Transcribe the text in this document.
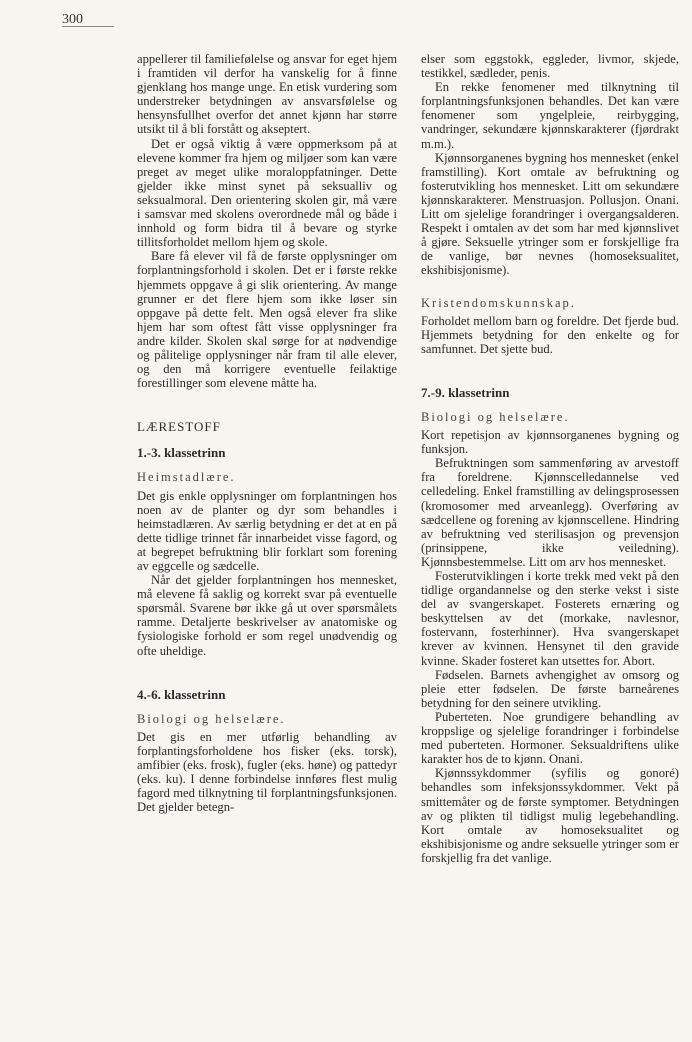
300

appellerer til familiefølelse og ansvar for eget hjem i framtiden vil derfor ha vanskelig for å finne gjenklang hos mange unge. En etisk vurdering som understreker betydningen av ansvarsfølelse og hensynsfullhet overfor det annet kjønn har større utsikt til å bli forstått og akseptert.

Det er også viktig å være oppmerksom på at elevene kommer fra hjem og miljøer som kan være preget av meget ulike moraloppfatninger. Dette gjelder ikke minst synet på seksualliv og seksualmoral. Den orientering skolen gir, må være i samsvar med skolens overordnede mål og både i innhold og form bidra til å bevare og styrke tillitsforholdet mellom hjem og skole.

Bare få elever vil få de første opplysninger om forplantningsforhold i skolen. Det er i første rekke hjemmets oppgave å gi slik orientering. Av mange grunner er det flere hjem som ikke løser sin oppgave på dette felt. Men også elever fra slike hjem har som oftest fått visse opplysninger fra andre kilder. Skolen skal sørge for at nødvendige og pålitelige opplysninger når fram til alle elever, og den må korrigere eventuelle feilaktige forestillinger som elevene måtte ha.

LÆRESTOFF
1.-3. klassetrinn
Heimstadlære.

Det gis enkle opplysninger om forplantningen hos noen av de planter og dyr som behandles i heimstadlæren. Av særlig betydning er det at en på dette tidlige trinnet får innarbeidet visse fagord, og at begrepet befruktning blir forklart som forening av eggcelle og sædcelle.

Når det gjelder forplantningen hos mennesket, må elevene få saklig og korrekt svar på eventuelle spørsmål. Svarene bør ikke gå ut over spørsmålets ramme. Detaljerte beskrivelser av anatomiske og fysiologiske forhold er som regel unødvendig og ofte uheldige.

4.-6. klassetrinn
Biologi og helselære.

Det gis en mer utførlig behandling av forplantingsforholdene hos fisker (eks. torsk), amfibier (eks. frosk), fugler (eks. høne) og pattedyr (eks. ku). I denne forbindelse innføres flest mulig fagord med tilknytning til forplantningsfunksjonen. Det gjelder betegn-

elser som eggstokk, eggleder, livmor, skjede, testikkel, sædleder, penis.

En rekke fenomener med tilknytning til forplantningsfunksjonen behandles. Det kan være fenomener som yngelpleie, reirbygging, vandringer, sekundære kjønnskarakterer (fjørdrakt m.m.).

Kjønnsorganenes bygning hos mennesket (enkel framstilling). Kort omtale av befruktning og fosterutvikling hos mennesket. Litt om sekundære kjønnskarakterer. Menstruasjon. Pollusjon. Onani. Litt om sjelelige forandringer i overgangsalderen. Respekt i omtalen av det som har med kjønnslivet å gjøre. Seksuelle ytringer som er forskjellige fra de vanlige, bør nevnes (homoseksualitet, ekshibisjonisme).

Kristendomskunnskap.

Forholdet mellom barn og foreldre. Det fjerde bud. Hjemmets betydning for den enkelte og for samfunnet. Det sjette bud.

7.-9. klassetrinn
Biologi og helselære.

Kort repetisjon av kjønnsorganenes bygning og funksjon.

Befruktningen som sammenføring av arvestoff fra foreldrene. Kjønnscelledannelse ved celledeling. Enkel framstilling av delingsprosessen (kromosomer med arveanlegg). Overføring av sædcellene og forening av kjønnscellene. Hindring av befruktning ved sterilisasjon og prevensjon (prinsippene, ikke veiledning). Kjønnsbestemmelse. Litt om arv hos mennesket.

Fosterutviklingen i korte trekk med vekt på den tidlige organdannelse og den sterke vekst i siste del av svangerskapet. Fosterets ernæring og beskyttelsen av det (morkake, navlesnor, fostervann, fosterhinner). Hva svangerskapet krever av kvinnen. Hensynet til den gravide kvinne. Skader fosteret kan utsettes for. Abort.

Fødselen. Barnets avhengighet av omsorg og pleie etter fødselen. De første barneårenes betydning for den seinere utvikling.

Puberteten. Noe grundigere behandling av kroppslige og sjelelige forandringer i forbindelse med puberteten. Hormoner. Seksualdriftens ulike karakter hos de to kjønn. Onani.

Kjønnssykdommer (syfilis og gonoré) behandles som infeksjonssykdommer. Vekt på smittemåter og de første symptomer. Betydningen av og plikten til tidligst mulig legebehandling. Kort omtale av homoseksualitet og ekshibisjonisme og andre seksuelle ytringer som er forskjellig fra det vanlige.
